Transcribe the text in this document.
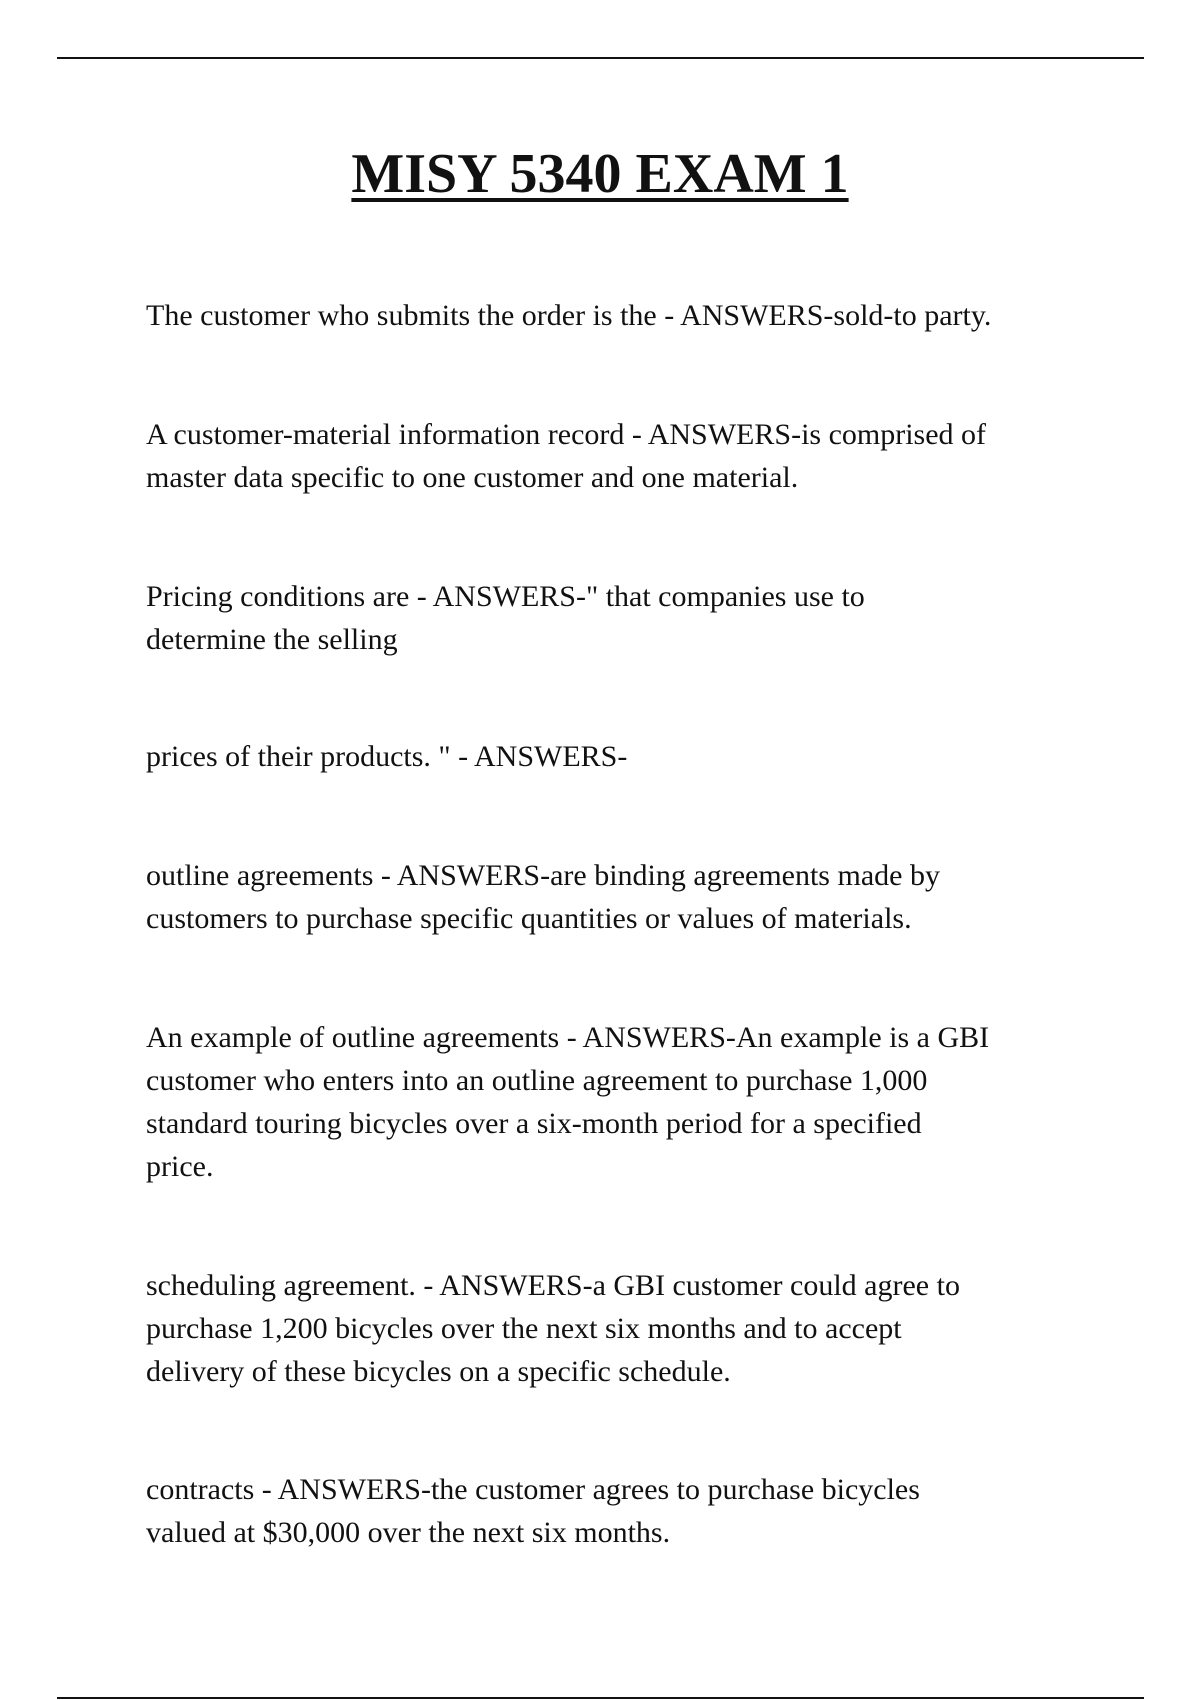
MISY 5340 EXAM 1

The customer who submits the order is the - ANSWERS-sold-to party.

A customer-material information record - ANSWERS-is comprised of
master data specific to one customer and one material.

Pricing conditions are - ANSWERS-" that companies use to
determine the selling

prices of their products. " - ANSWERS-

outline agreements - ANSWERS-are binding agreements made by
customers to purchase specific quantities or values of materials.

An example of outline agreements - ANSWERS-An example is a GBI
customer who enters into an outline agreement to purchase 1,000
standard touring bicycles over a six-month period for a specified
price.

scheduling agreement. - ANSWERS-a GBI customer could agree to
purchase 1,200 bicycles over the next six months and to accept
delivery of these bicycles on a specific schedule.

contracts - ANSWERS-the customer agrees to purchase bicycles
valued at $30,000 over the next six months.
